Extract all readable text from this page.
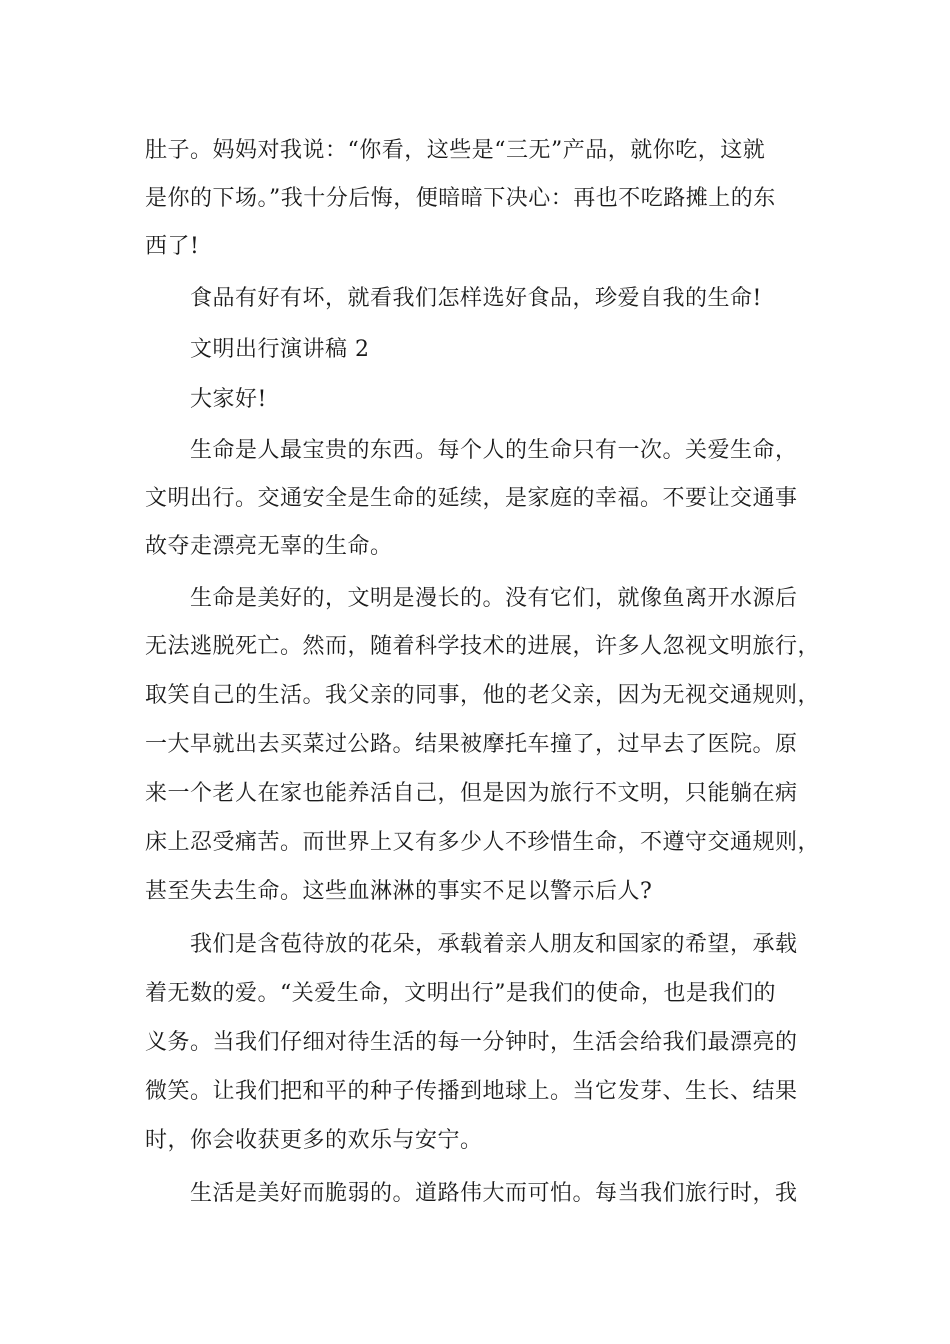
肚子。妈妈对我说：“你看，这些是“三无”产品，就你吃，这就
是你的下场。”我十分后悔，便暗暗下决心：再也不吃路摊上的东
西了!
食品有好有坏，就看我们怎样选好食品，珍爱自我的生命!
文明出行演讲稿 2
大家好!
生命是人最宝贵的东西。每个人的生命只有一次。关爱生命，
文明出行。交通安全是生命的延续，是家庭的幸福。不要让交通事
故夺走漂亮无辜的生命。
生命是美好的，文明是漫长的。没有它们，就像鱼离开水源后
无法逃脱死亡。然而，随着科学技术的进展，许多人忽视文明旅行，
取笑自己的生活。我父亲的同事，他的老父亲，因为无视交通规则，
一大早就出去买菜过公路。结果被摩托车撞了，过早去了医院。原
来一个老人在家也能养活自己，但是因为旅行不文明，只能躺在病
床上忍受痛苦。而世界上又有多少人不珍惜生命，不遵守交通规则，
甚至失去生命。这些血淋淋的事实不足以警示后人?
我们是含苞待放的花朵，承载着亲人朋友和国家的希望，承载
着无数的爱。“关爱生命，文明出行”是我们的使命，也是我们的
义务。当我们仔细对待生活的每一分钟时，生活会给我们最漂亮的
微笑。让我们把和平的种子传播到地球上。当它发芽、生长、结果
时，你会收获更多的欢乐与安宁。
生活是美好而脆弱的。道路伟大而可怕。每当我们旅行时，我
